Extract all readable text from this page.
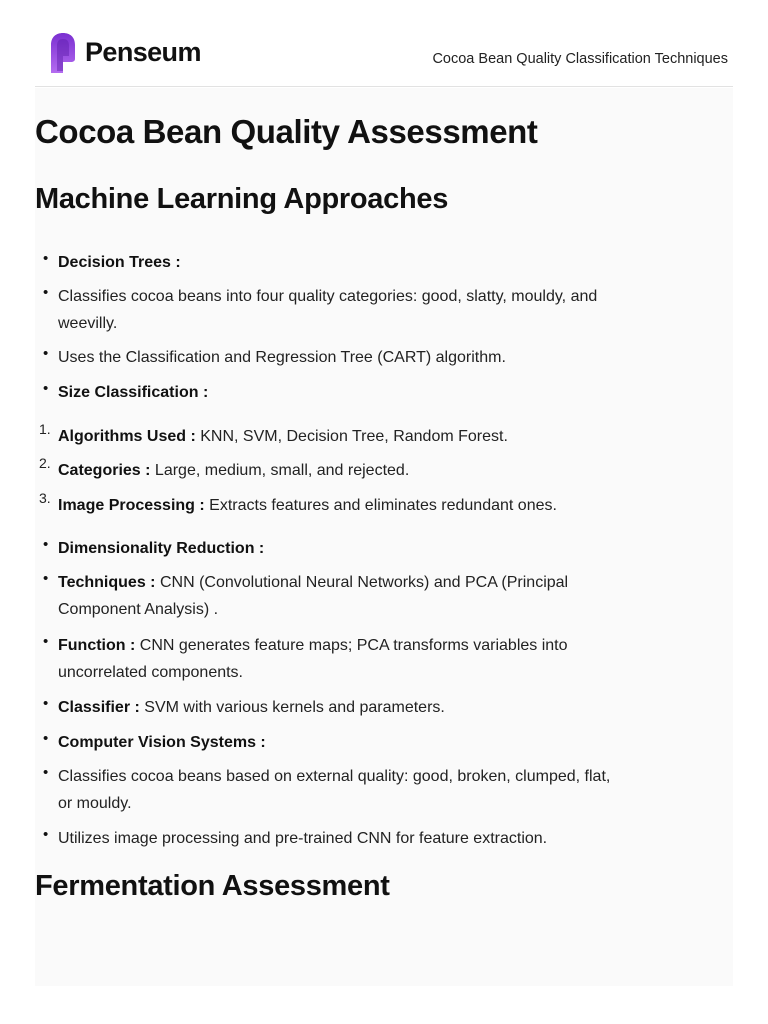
Penseum	Cocoa Bean Quality Classification Techniques
Cocoa Bean Quality Assessment
Machine Learning Approaches
• Decision Trees :
• Classifies cocoa beans into four quality categories: good, slatty, mouldy, and
weevilly.
• Uses the Classification and Regression Tree (CART) algorithm.
• Size Classification :
1. Algorithms Used : KNN, SVM, Decision Tree, Random Forest.
2. Categories : Large, medium, small, and rejected.
3. Image Processing : Extracts features and eliminates redundant ones.
• Dimensionality Reduction :
• Techniques : CNN (Convolutional Neural Networks) and PCA (Principal
Component Analysis) .
• Function : CNN generates feature maps; PCA transforms variables into
uncorrelated components.
• Classifier : SVM with various kernels and parameters.
• Computer Vision Systems :
• Classifies cocoa beans based on external quality: good, broken, clumped, flat,
or mouldy.
• Utilizes image processing and pre-trained CNN for feature extraction.
Fermentation Assessment
